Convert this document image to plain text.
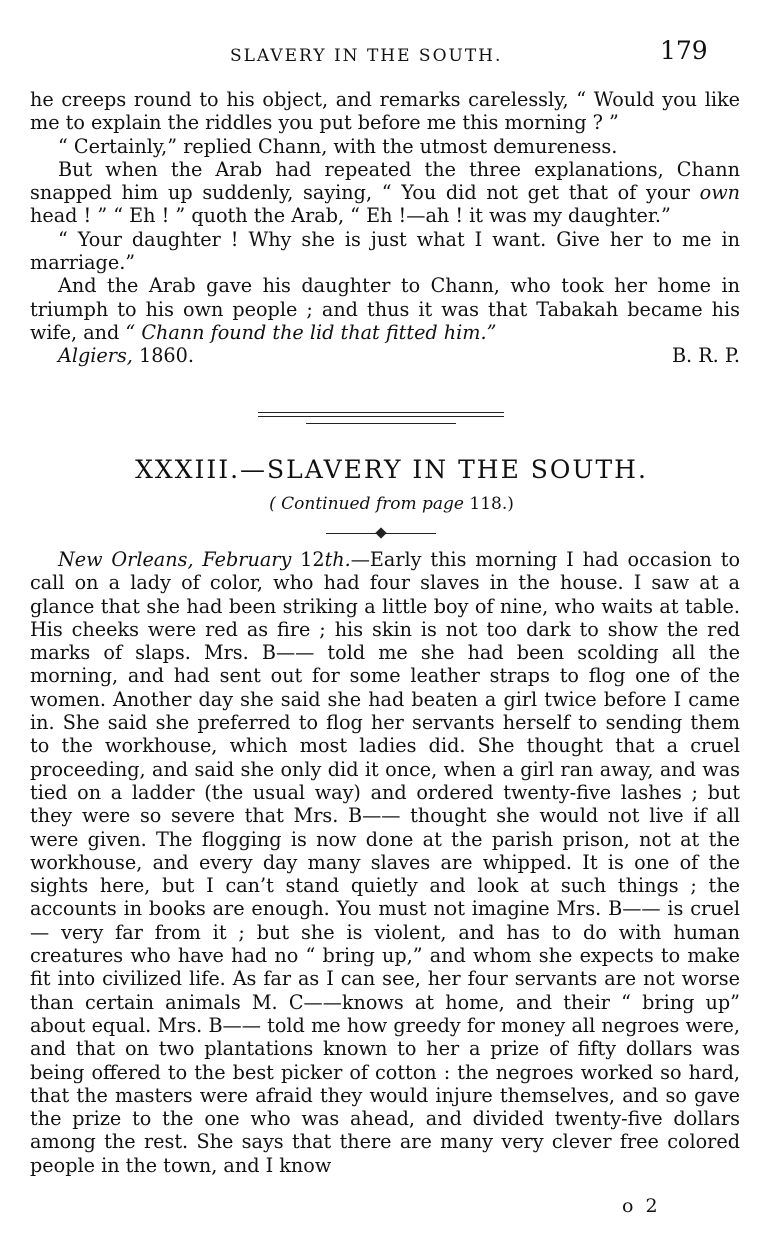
SLAVERY IN THE SOUTH.	179

he creeps round to his object, and remarks carelessly, “ Would you like me to explain the riddles you put before me this morning ? ”

“ Certainly,” replied Chann, with the utmost demureness.

But when the Arab had repeated the three explanations, Chann snapped him up suddenly, saying, “ You did not get that of your own head ! ” “ Eh ! ” quoth the Arab, “ Eh !—ah ! it was my daughter.”

“ Your daughter ! Why she is just what I want. Give her to me in marriage.”

And the Arab gave his daughter to Chann, who took her home in triumph to his own people ; and thus it was that Tabakah became his wife, and “ Chann found the lid that fitted him.”

Algiers, 1860.	B. R. P.
XXXIII.—SLAVERY IN THE SOUTH.
( Continued from page 118.)

New Orleans, February 12th.—Early this morning I had occasion to call on a lady of color, who had four slaves in the house. I saw at a glance that she had been striking a little boy of nine, who waits at table. His cheeks were red as fire ; his skin is not too dark to show the red marks of slaps. Mrs. B—— told me she had been scolding all the morning, and had sent out for some leather straps to flog one of the women. Another day she said she had beaten a girl twice before I came in. She said she preferred to flog her servants herself to sending them to the workhouse, which most ladies did. She thought that a cruel proceeding, and said she only did it once, when a girl ran away, and was tied on a ladder (the usual way) and ordered twenty-five lashes ; but they were so severe that Mrs. B—— thought she would not live if all were given. The flogging is now done at the parish prison, not at the workhouse, and every day many slaves are whipped. It is one of the sights here, but I can’t stand quietly and look at such things ; the accounts in books are enough. You must not imagine Mrs. B—— is cruel— very far from it ; but she is violent, and has to do with human creatures who have had no “ bring up,” and whom she expects to make fit into civilized life. As far as I can see, her four servants are not worse than certain animals M. C——knows at home, and their “ bring up” about equal. Mrs. B—— told me how greedy for money all negroes were, and that on two plantations known to her a prize of fifty dollars was being offered to the best picker of cotton : the negroes worked so hard, that the masters were afraid they would injure themselves, and so gave the prize to the one who was ahead, and divided twenty-five dollars among the rest. She says that there are many very clever free colored people in the town, and I know

o 2
